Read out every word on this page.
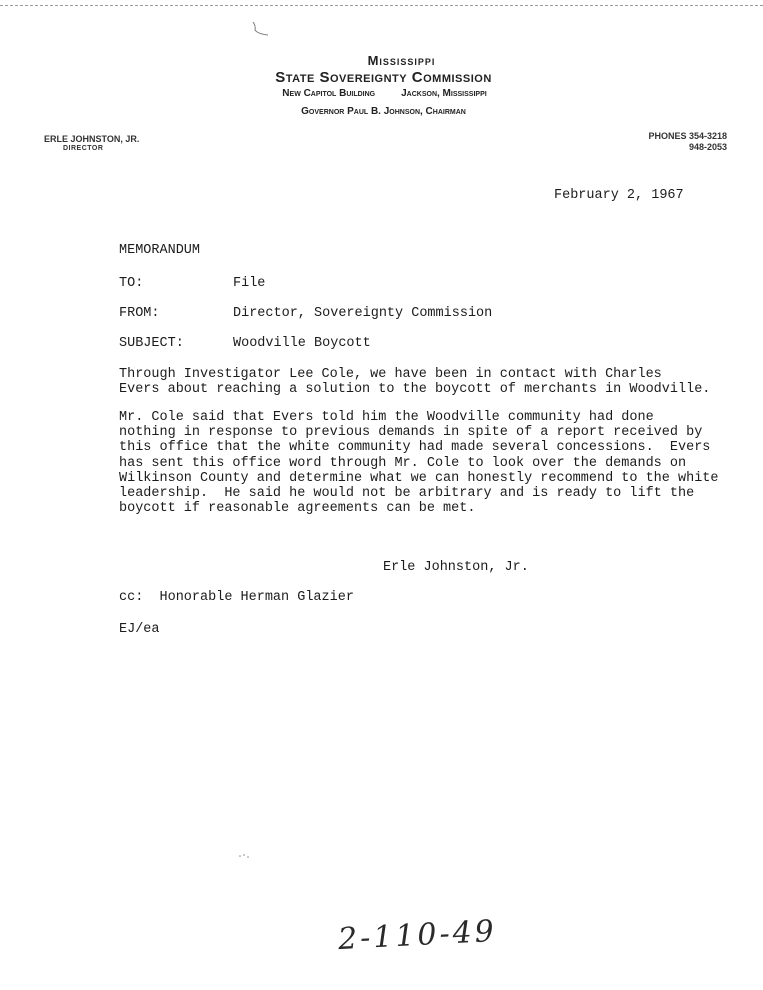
Mississippi
State Sovereignty Commission
New Capitol Building	Jackson, Mississippi
Governor Paul B. Johnson, Chairman
ERLE JOHNSTON, JR.
DIRECTOR
PHONES 354-3218
948-2053
February 2, 1967
MEMORANDUM
TO:	File
FROM:	Director, Sovereignty Commission
SUBJECT:	Woodville Boycott
Through Investigator Lee Cole, we have been in contact with Charles
Evers about reaching a solution to the boycott of merchants in Woodville.
Mr. Cole said that Evers told him the Woodville community had done
nothing in response to previous demands in spite of a report received by
this office that the white community had made several concessions.  Evers
has sent this office word through Mr. Cole to look over the demands on
Wilkinson County and determine what we can honestly recommend to the white
leadership.  He said he would not be arbitrary and is ready to lift the
boycott if reasonable agreements can be met.
Erle Johnston, Jr.
cc:  Honorable Herman Glazier
EJ/ea
2-110-49
